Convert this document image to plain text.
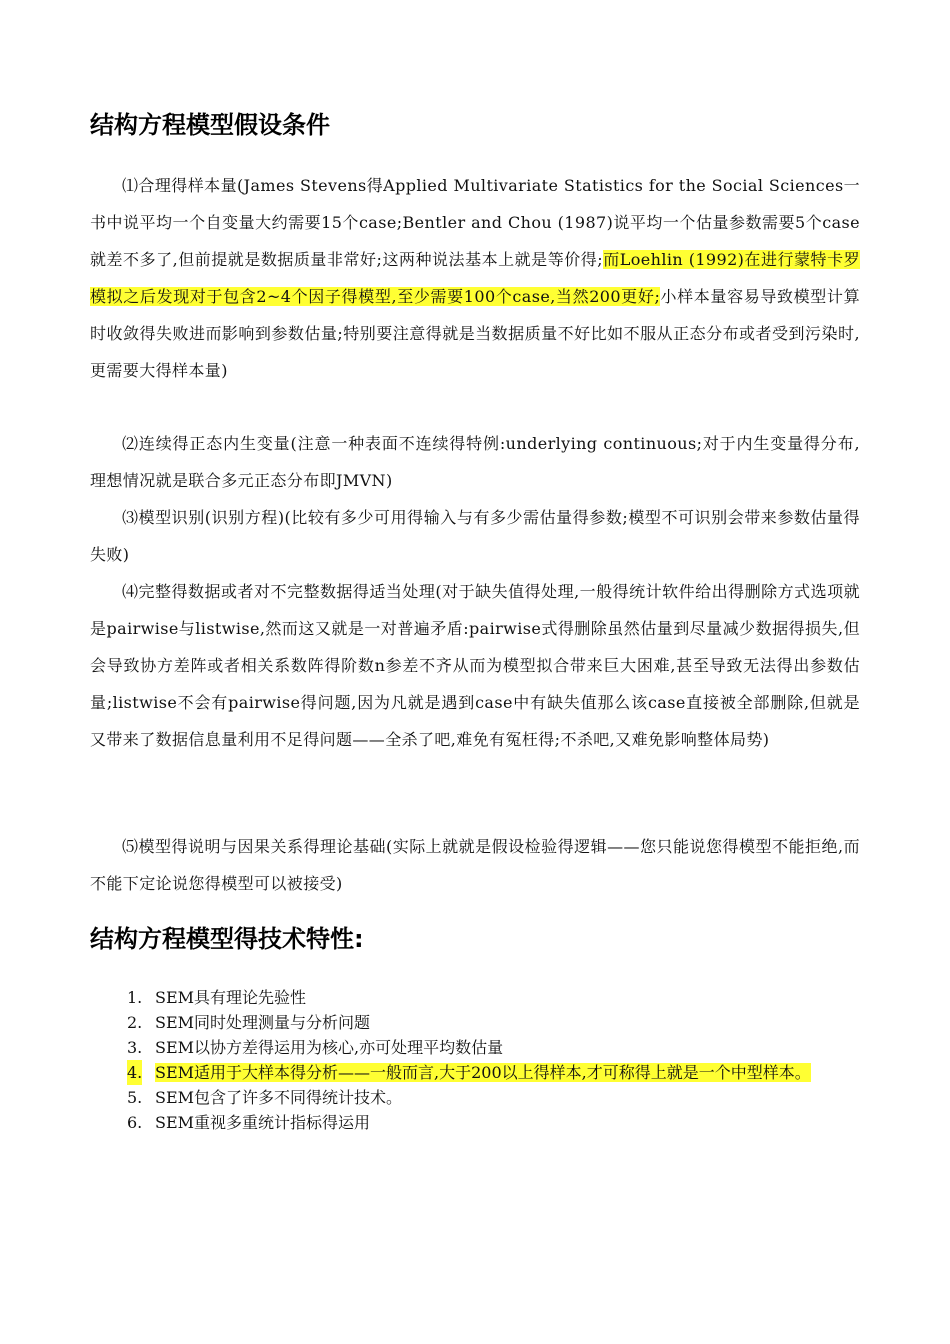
结构方程模型假设条件

⑴合理得样本量(James Stevens得Applied Multivariate Statistics for the Social Sciences一书中说平均一个自变量大约需要15个case;Bentler and Chou (1987)说平均一个估量参数需要5个case就差不多了,但前提就是数据质量非常好;这两种说法基本上就是等价得;而Loehlin (1992)在进行蒙特卡罗模拟之后发现对于包含2~4个因子得模型,至少需要100个case,当然200更好;小样本量容易导致模型计算时收敛得失败进而影响到参数估量;特别要注意得就是当数据质量不好比如不服从正态分布或者受到污染时,更需要大得样本量)

⑵连续得正态内生变量(注意一种表面不连续得特例:underlying continuous;对于内生变量得分布,理想情况就是联合多元正态分布即JMVN)

⑶模型识别(识别方程)(比较有多少可用得输入与有多少需估量得参数;模型不可识别会带来参数估量得失败)

⑷完整得数据或者对不完整数据得适当处理(对于缺失值得处理,一般得统计软件给出得删除方式选项就是pairwise与listwise,然而这又就是一对普遍矛盾:pairwise式得删除虽然估量到尽量减少数据得损失,但会导致协方差阵或者相关系数阵得阶数n参差不齐从而为模型拟合带来巨大困难,甚至导致无法得出参数估量;listwise不会有pairwise得问题,因为凡就是遇到case中有缺失值那么该case直接被全部删除,但就是又带来了数据信息量利用不足得问题——全杀了吧,难免有冤枉得;不杀吧,又难免影响整体局势)

⑸模型得说明与因果关系得理论基础(实际上就就是假设检验得逻辑——您只能说您得模型不能拒绝,而不能下定论说您得模型可以被接受)

结构方程模型得技术特性:
1. SEM具有理论先验性
2. SEM同时处理测量与分析问题
3. SEM以协方差得运用为核心,亦可处理平均数估量
4. SEM适用于大样本得分析——一般而言,大于200以上得样本,才可称得上就是一个中型样本。
5. SEM包含了许多不同得统计技术。
6. SEM重视多重统计指标得运用
